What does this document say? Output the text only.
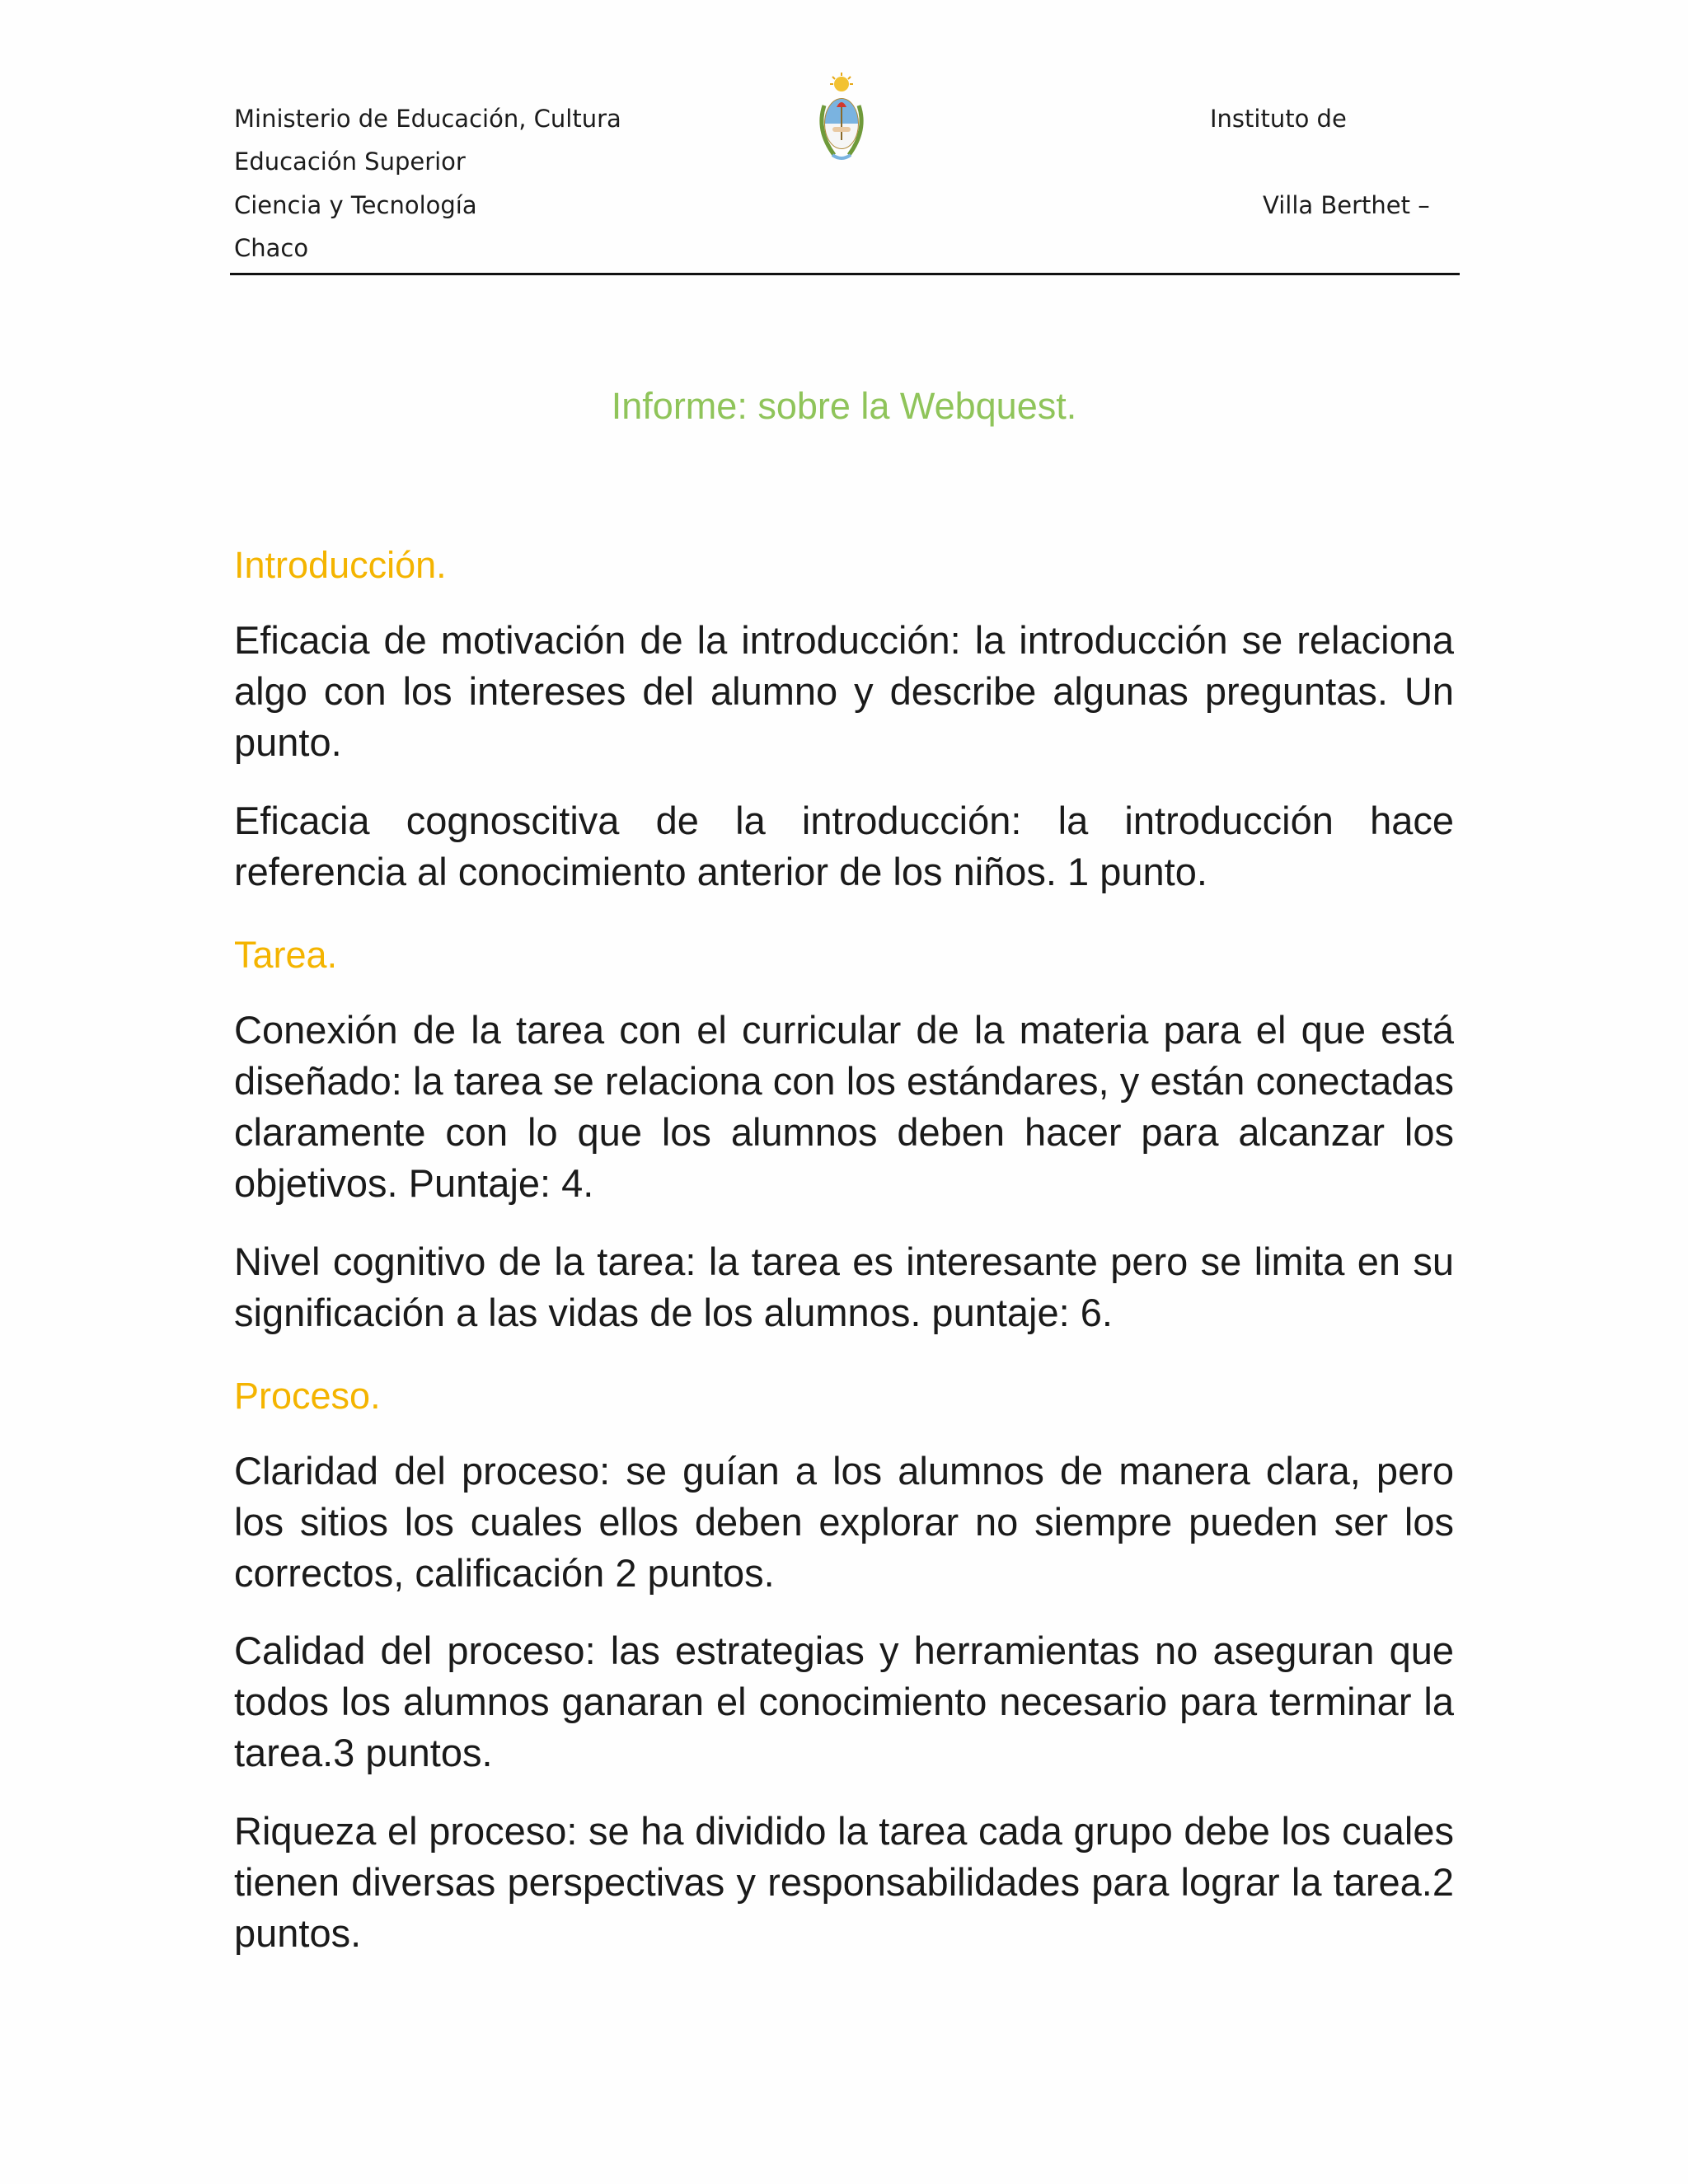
Ministerio de Educación, Cultura
Educación Superior
Ciencia y Tecnología
Chaco
Instituto de
Villa Berthet –
Informe: sobre la Webquest.
Introducción.
Eficacia de motivación de la introducción: la introducción se relaciona algo con los intereses del alumno y describe algunas preguntas. Un punto.
Eficacia cognoscitiva de la introducción: la introducción hace referencia al conocimiento anterior de los niños. 1 punto.
Tarea.
Conexión de la tarea con el curricular de la materia para el que está diseñado: la tarea se relaciona con los estándares, y están conectadas claramente con lo que los alumnos deben hacer para alcanzar los objetivos. Puntaje: 4.
Nivel cognitivo de la tarea: la tarea es interesante pero se limita en su significación a las vidas de los alumnos. puntaje: 6.
Proceso.
Claridad del proceso: se guían a los alumnos de manera clara, pero los sitios los cuales ellos deben explorar no siempre pueden ser los correctos, calificación 2 puntos.
Calidad del proceso: las estrategias y herramientas no aseguran que todos los alumnos ganaran el conocimiento necesario para terminar la tarea.3 puntos.
Riqueza el proceso: se ha dividido la tarea cada grupo debe los cuales tienen diversas perspectivas y responsabilidades para lograr la tarea.2 puntos.
